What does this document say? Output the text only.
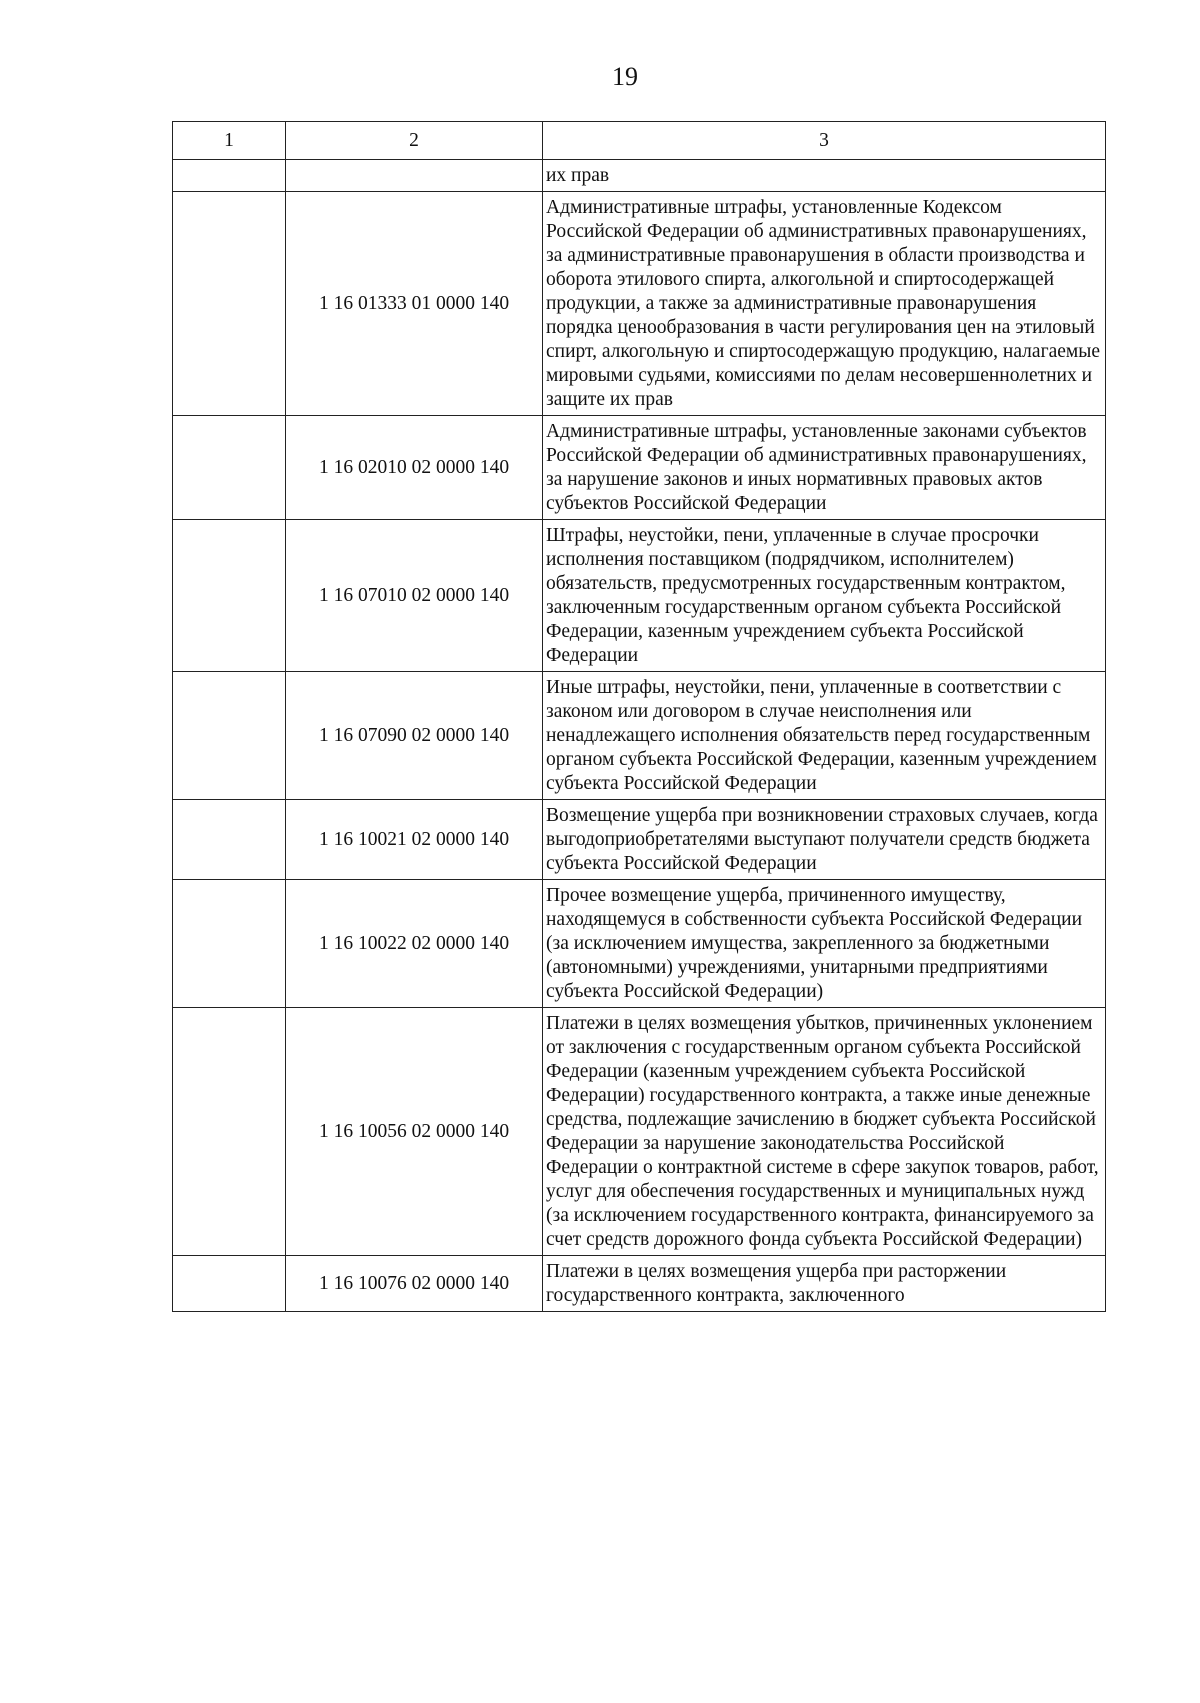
19
1	2	3
		их прав
	1 16 01333 01 0000 140	Административные штрафы, установленные Кодексом Российской Федерации об административных правонарушениях, за административные правонарушения в области производства и оборота этилового спирта, алкогольной и спиртосодержащей продукции, а также за административные правонарушения порядка ценообразования в части регулирования цен на этиловый спирт, алкогольную и спиртосодержащую продукцию, налагаемые мировыми судьями, комиссиями по делам несовершеннолетних и защите их прав
	1 16 02010 02 0000 140	Административные штрафы, установленные законами субъектов Российской Федерации об административных правонарушениях, за нарушение законов и иных нормативных правовых актов субъектов Российской Федерации
	1 16 07010 02 0000 140	Штрафы, неустойки, пени, уплаченные в случае просрочки исполнения поставщиком (подрядчиком, исполнителем) обязательств, предусмотренных государственным контрактом, заключенным государственным органом субъекта Российской Федерации, казенным учреждением субъекта Российской Федерации
	1 16 07090 02 0000 140	Иные штрафы, неустойки, пени, уплаченные в соответствии с законом или договором в случае неисполнения или ненадлежащего исполнения обязательств перед государственным органом субъекта Российской Федерации, казенным учреждением субъекта Российской Федерации
	1 16 10021 02 0000 140	Возмещение ущерба при возникновении страховых случаев, когда выгодоприобретателями выступают получатели средств бюджета субъекта Российской Федерации
	1 16 10022 02 0000 140	Прочее возмещение ущерба, причиненного имуществу, находящемуся в собственности субъекта Российской Федерации (за исключением имущества, закрепленного за бюджетными (автономными) учреждениями, унитарными предприятиями субъекта Российской Федерации)
	1 16 10056 02 0000 140	Платежи в целях возмещения убытков, причиненных уклонением от заключения с государственным органом субъекта Российской Федерации (казенным учреждением субъекта Российской Федерации) государственного контракта, а также иные денежные средства, подлежащие зачислению в бюджет субъекта Российской Федерации за нарушение законодательства Российской Федерации о контрактной системе в сфере закупок товаров, работ, услуг для обеспечения государственных и муниципальных нужд (за исключением государственного контракта, финансируемого за счет средств дорожного фонда субъекта Российской Федерации)
	1 16 10076 02 0000 140	Платежи в целях возмещения ущерба при расторжении государственного контракта, заключенного
